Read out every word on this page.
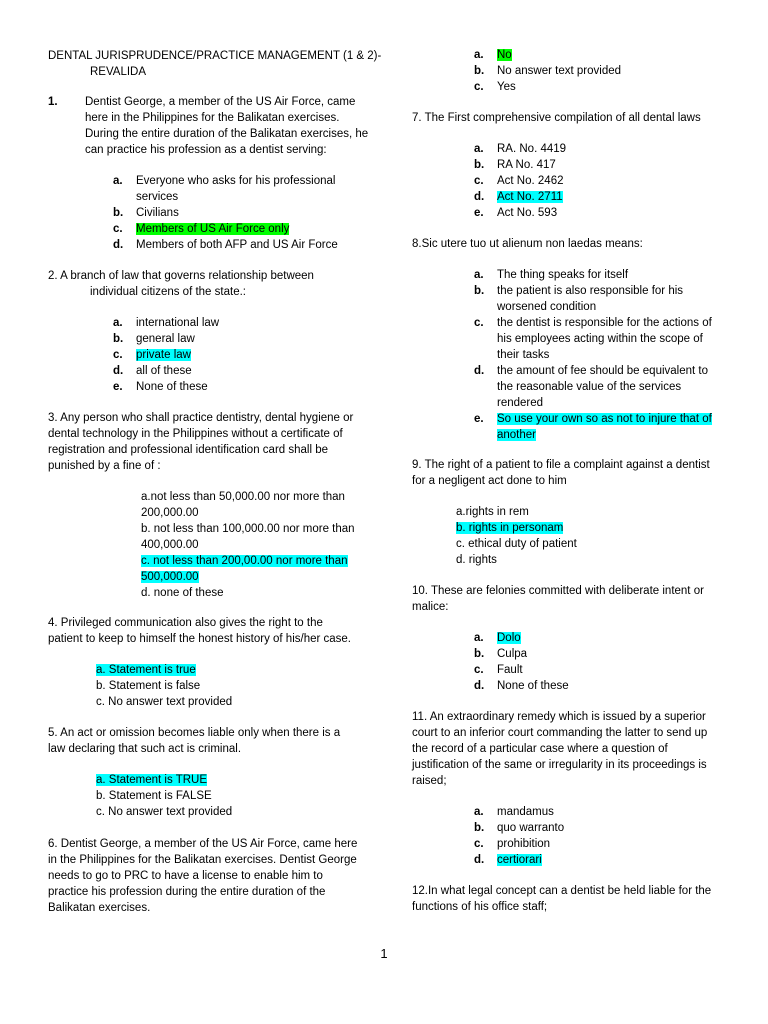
DENTAL JURISPRUDENCE/PRACTICE MANAGEMENT (1 & 2)-
REVALIDA
1.	Dentist George, a member of the US Air Force, came
here in the Philippines for the Balikatan exercises.
During the entire duration of the Balikatan exercises, he
can practice his profession as a dentist serving:
a.	Everyone who asks for his professional
services
b.	Civilians
c.	Members of US Air Force only
d.	Members of both AFP and US Air Force
2. A branch of law that governs relationship between
individual citizens of the state.:
a.	international law
b.	general law
c.	private law
d.	all of these
e.	None of these
3. Any person who shall practice dentistry, dental hygiene or
dental technology in the Philippines without a certificate of
registration and professional identification card shall be
punished by a fine of :
a.not less than 50,000.00 nor more than
200,000.00
b. not less than 100,000.00 nor more than
400,000.00
c. not less than 200,00.00 nor more than
500,000.00
d. none of these
4. Privileged communication also gives the right to the
patient to keep to himself the honest history of his/her case.
a. Statement is true
b. Statement is false
c. No answer text provided
5. An act or omission becomes liable only when there is a
law declaring that such act is criminal.
a. Statement is TRUE
b. Statement is FALSE
c. No answer text provided
6. Dentist George, a member of the US Air Force, came here
in the Philippines for the Balikatan exercises. Dentist George
needs to go to PRC to have a license to enable him to
practice his profession during the entire duration of the
Balikatan exercises.
a.	No
b.	No answer text provided
c.	Yes
7. The First comprehensive compilation of all dental laws
a.	RA. No. 4419
b.	RA No. 417
c.	Act No. 2462
d.	Act No. 2711
e.	Act No. 593
8.Sic utere tuo ut alienum non laedas means:
a.	The thing speaks for itself
b.	the patient is also responsible for his
worsened condition
c.	the dentist is responsible for the actions of
his employees acting within the scope of
their tasks
d.	the amount of fee should be equivalent to
the reasonable value of the services
rendered
e.	So use your own so as not to injure that of
another
9. The right of a patient to file a complaint against a dentist
for a negligent act done to him
a.rights in rem
b. rights in personam
c. ethical duty of patient
d. rights
10. These are felonies committed with deliberate intent or
malice:
a.	Dolo
b.	Culpa
c.	Fault
d.	None of these
11. An extraordinary remedy which is issued by a superior
court to an inferior court commanding the latter to send up
the record of a particular case where a question of
justification of the same or irregularity in its proceedings is
raised;
a.	mandamus
b.	quo warranto
c.	prohibition
d.	certiorari
12.In what legal concept can a dentist be held liable for the
functions of his office staff;
1
